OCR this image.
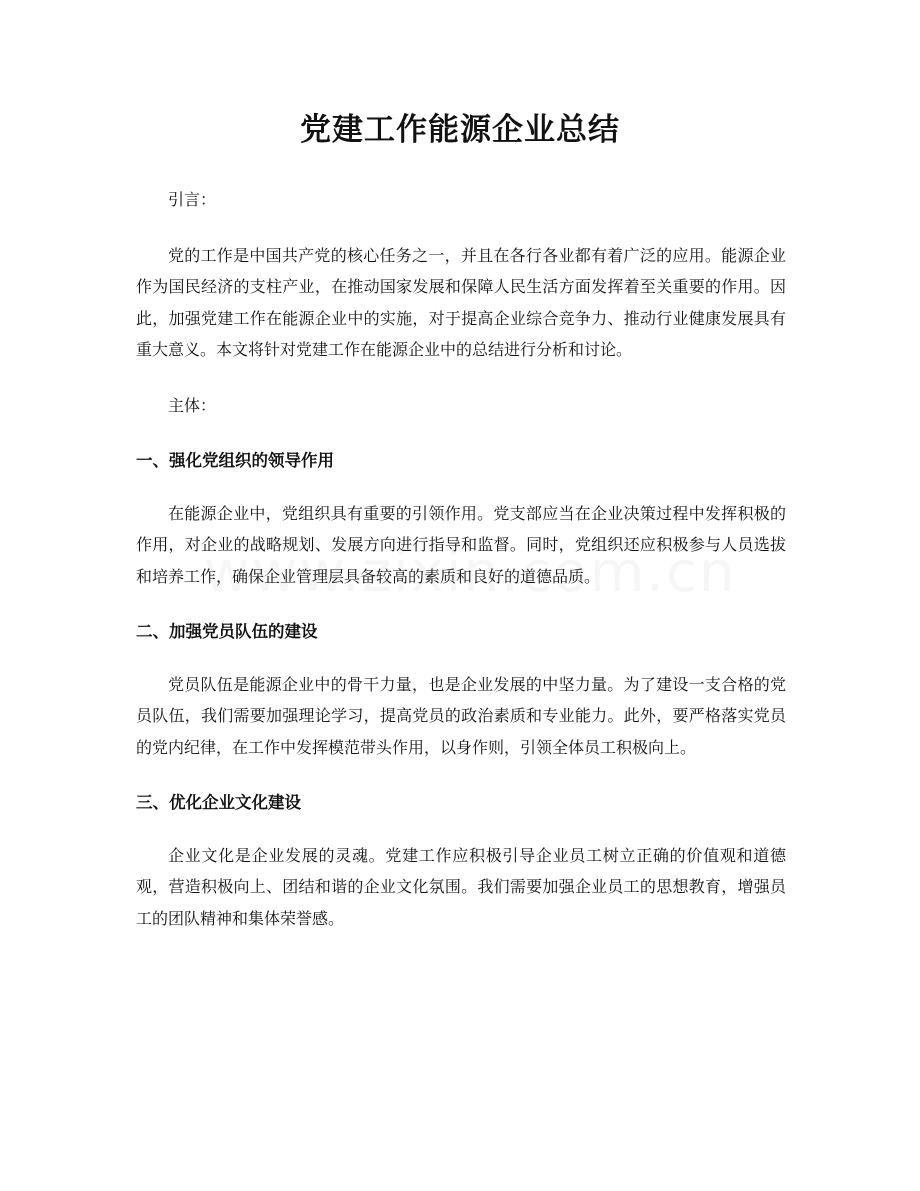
党建工作能源企业总结

引言：

党的工作是中国共产党的核心任务之一，并且在各行各业都有着广泛的应用。能源企业作为国民经济的支柱产业，在推动国家发展和保障人民生活方面发挥着至关重要的作用。因此，加强党建工作在能源企业中的实施，对于提高企业综合竞争力、推动行业健康发展具有重大意义。本文将针对党建工作在能源企业中的总结进行分析和讨论。

主体：

一、强化党组织的领导作用

在能源企业中，党组织具有重要的引领作用。党支部应当在企业决策过程中发挥积极的作用，对企业的战略规划、发展方向进行指导和监督。同时，党组织还应积极参与人员选拔和培养工作，确保企业管理层具备较高的素质和良好的道德品质。

二、加强党员队伍的建设

党员队伍是能源企业中的骨干力量，也是企业发展的中坚力量。为了建设一支合格的党员队伍，我们需要加强理论学习，提高党员的政治素质和专业能力。此外，要严格落实党员的党内纪律，在工作中发挥模范带头作用，以身作则，引领全体员工积极向上。

三、优化企业文化建设

企业文化是企业发展的灵魂。党建工作应积极引导企业员工树立正确的价值观和道德观，营造积极向上、团结和谐的企业文化氛围。我们需要加强企业员工的思想教育，增强员工的团队精神和集体荣誉感。
